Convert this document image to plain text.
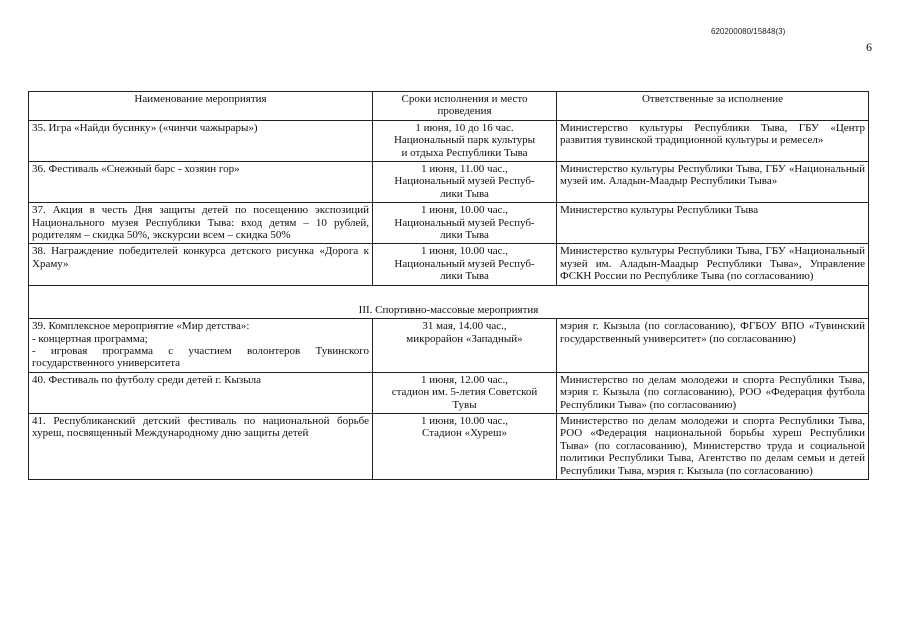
620200080/15848(3)
6
Наименование мероприятия	Сроки исполнения и место проведения	Ответственные за исполнение
35. Игра «Найди бусинку» («чинчи чажырары»)	1 июня, 10 до 16 час.
Национальный парк культуры
и отдыха Республики Тыва	Министерство культуры Республики Тыва, ГБУ «Центр развития тувинской традиционной культуры и ремесел»
36. Фестиваль «Снежный барс - хозяин гор»	1 июня, 11.00 час.,
Национальный музей Респуб-
лики Тыва	Министерство культуры Республики Тыва, ГБУ «Национальный музей им. Аладын-Маадыр Республики Тыва»
37. Акция в честь Дня защиты детей по посещению экспозиций Национального музея Республики Тыва: вход детям – 10 рублей, родителям – скидка 50%, экскурсии всем – скидка 50%	1 июня, 10.00 час.,
Национальный музей Респуб-
лики Тыва	Министерство культуры Республики Тыва
38. Награждение победителей конкурса детского рисунка «Дорога к Храму»	1 июня, 10.00 час.,
Национальный музей Респуб-
лики Тыва	Министерство культуры Республики Тыва, ГБУ «Национальный музей им. Аладын-Маадыр Республики Тыва», Управление ФСКН России по Республике Тыва (по согласованию)

III. Спортивно-массовые мероприятия		

39. Комплексное мероприятие «Мир детства»:
- концертная программа;
- игровая программа с участием волонтеров Тувинского государственного университета	31 мая, 14.00 час.,
микрорайон «Западный»	мэрия г. Кызыла (по согласованию), ФГБОУ ВПО «Тувинский государственный университет» (по согласованию)
40. Фестиваль по футболу среди детей г. Кызыла	1 июня, 12.00 час.,
стадион им. 5-летия Советской
Тувы	Министерство по делам молодежи и спорта Республики Тыва, мэрия г. Кызыла (по согласованию), РОО «Федерация футбола Республики Тыва» (по согласованию)
41. Республиканский детский фестиваль по национальной борьбе хуреш, посвященный Международному дню защиты детей	1 июня, 10.00 час.,
Стадион «Хуреш»	Министерство по делам молодежи и спорта Республики Тыва, РОО «Федерация национальной борьбы хуреш Республики Тыва» (по согласованию), Министерство труда и социальной политики Республики Тыва, Агентство по делам семьи и детей Республики Тыва, мэрия г. Кызыла (по согласованию)
